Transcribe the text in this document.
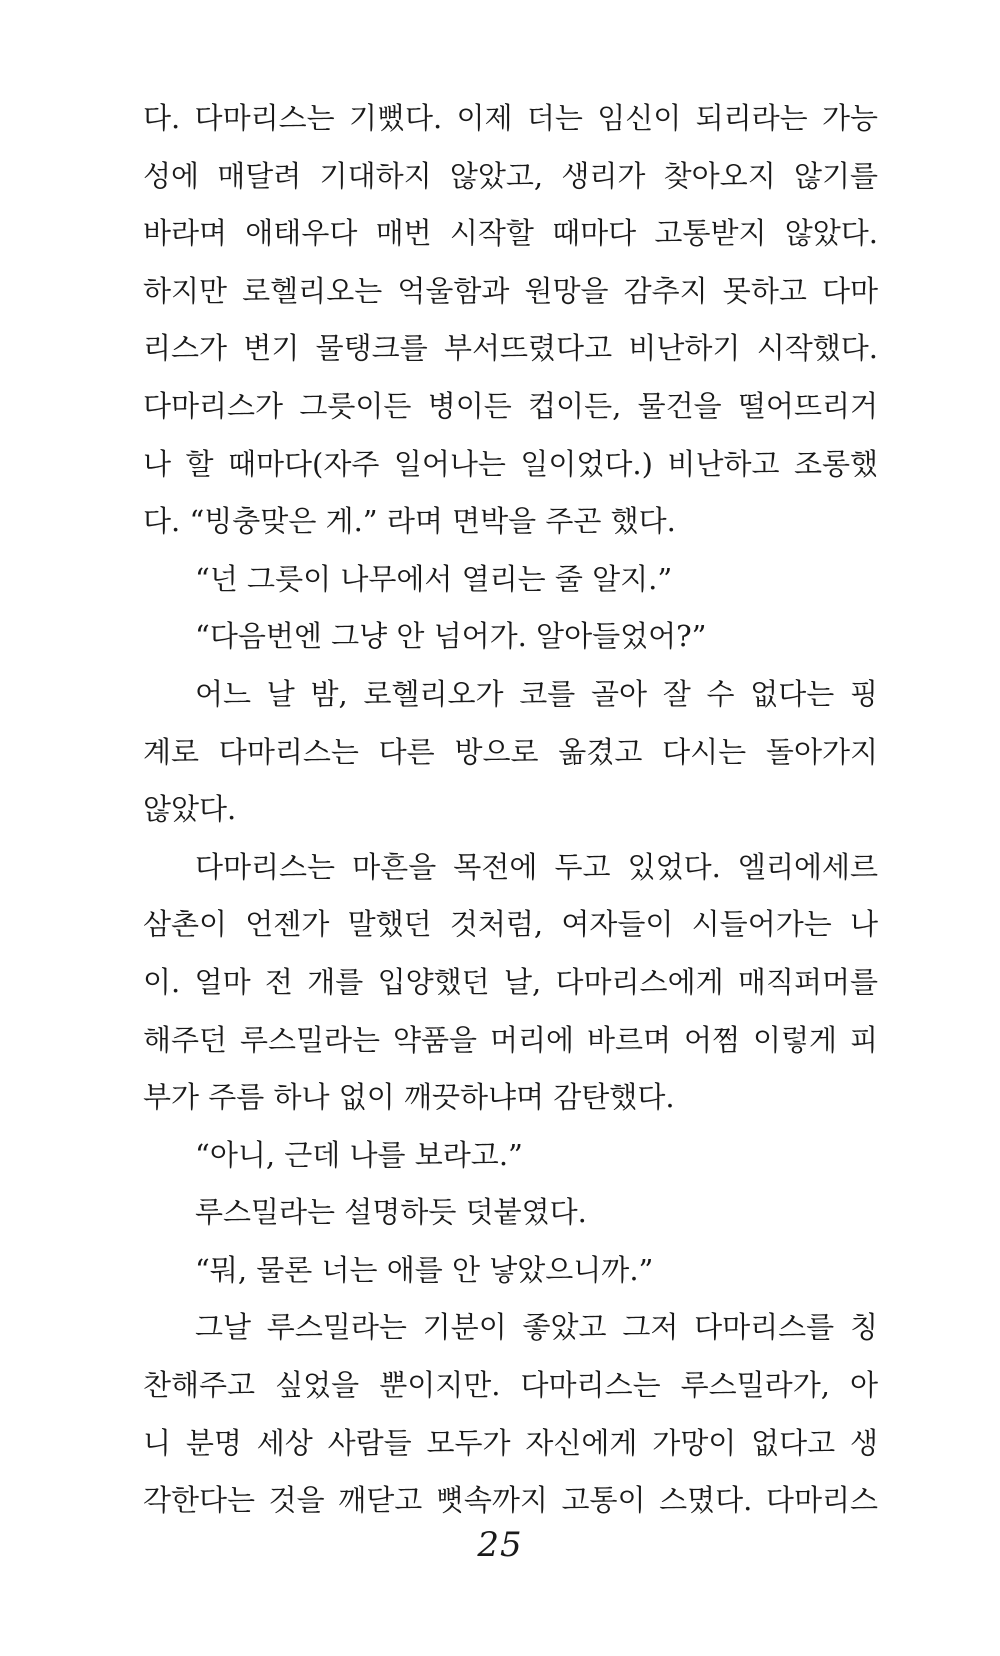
다. 다마리스는 기뻤다. 이제 더는 임신이 되리라는 가능
성에 매달려 기대하지 않았고, 생리가 찾아오지 않기를
바라며 애태우다 매번 시작할 때마다 고통받지 않았다.
하지만 로헬리오는 억울함과 원망을 감추지 못하고 다마
리스가 변기 물탱크를 부서뜨렸다고 비난하기 시작했다.
다마리스가 그릇이든 병이든 컵이든, 물건을 떨어뜨리거
나 할 때마다(자주 일어나는 일이었다.) 비난하고 조롱했
다. “빙충맞은 게.” 라며 면박을 주곤 했다.
“넌 그릇이 나무에서 열리는 줄 알지.”
“다음번엔 그냥 안 넘어가. 알아들었어?”
어느 날 밤, 로헬리오가 코를 골아 잘 수 없다는 핑
계로 다마리스는 다른 방으로 옮겼고 다시는 돌아가지
않았다.
다마리스는 마흔을 목전에 두고 있었다. 엘리에세르
삼촌이 언젠가 말했던 것처럼, 여자들이 시들어가는 나
이. 얼마 전 개를 입양했던 날, 다마리스에게 매직퍼머를
해주던 루스밀라는 약품을 머리에 바르며 어쩜 이렇게 피
부가 주름 하나 없이 깨끗하냐며 감탄했다.
“아니, 근데 나를 보라고.”
루스밀라는 설명하듯 덧붙였다.
“뭐, 물론 너는 애를 안 낳았으니까.”
그날 루스밀라는 기분이 좋았고 그저 다마리스를 칭
찬해주고 싶었을 뿐이지만. 다마리스는 루스밀라가, 아
니 분명 세상 사람들 모두가 자신에게 가망이 없다고 생
각한다는 것을 깨닫고 뼛속까지 고통이 스몄다. 다마리스
25
